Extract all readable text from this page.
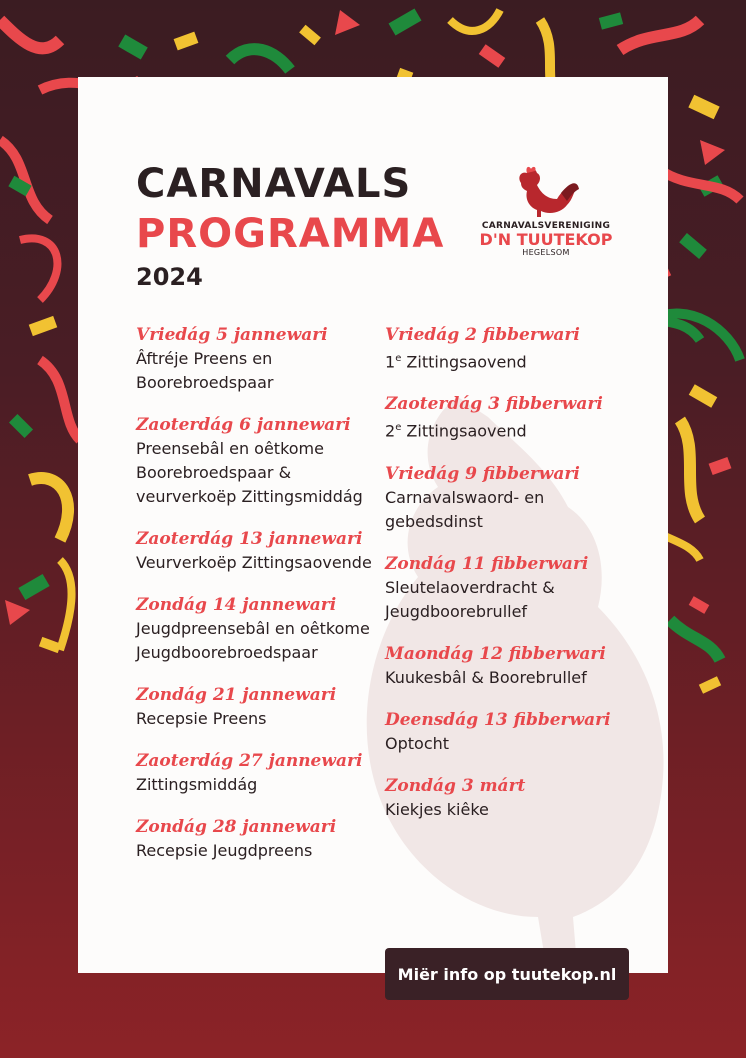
CARNAVALS
PROGRAMMA
2024
CARNAVALSVERENIGING
D'N TUUTEKOP
HEGELSOM
Vriedág 5 jannewari
Âftréje Preens en
Boorebroedspaar
Zaoterdág 6 jannewari
Preensebâl en oêtkome
Boorebroedspaar &
veurverkoëp Zittingsmiddág
Zaoterdág 13 jannewari
Veurverkoëp Zittingsaovende
Zondág 14 jannewari
Jeugdpreensebâl en oêtkome
Jeugdboorebroedspaar
Zondág 21 jannewari
Recepsie Preens
Zaoterdág 27 jannewari
Zittingsmiddág
Zondág 28 jannewari
Recepsie Jeugdpreens
Vriedág 2 fibberwari
1e Zittingsaovend
Zaoterdág 3 fibberwari
2e Zittingsaovend
Vriedág 9 fibberwari
Carnavalswaord- en
gebedsdinst
Zondág 11 fibberwari
Sleutelaoverdracht &
Jeugdboorebrullef
Maondág 12 fibberwari
Kuukesbâl & Boorebrullef
Deensdág 13 fibberwari
Optocht
Zondág 3 márt
Kiekjes kiêke
Miër info op tuutekop.nl
